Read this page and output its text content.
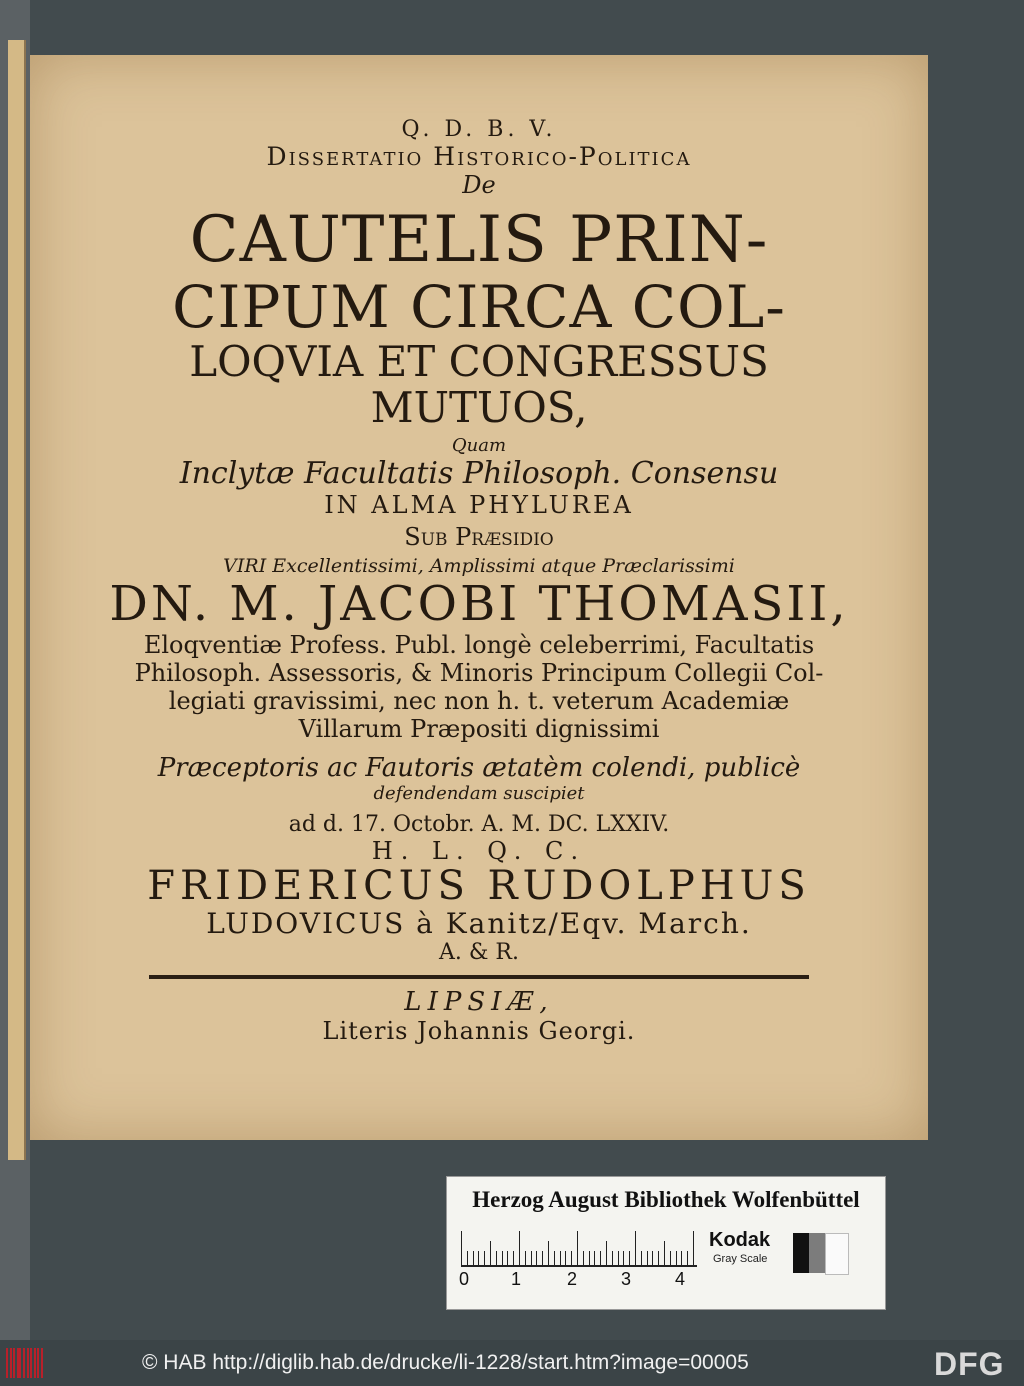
Q. D. B. V.
Dissertatio Historico-Politica
De
CAUTELIS PRIN-
CIPUM CIRCA COL-
LOQVIA ET CONGRESSUS
MUTUOS,
Quam
Inclytæ Facultatis Philosoph. Consensu
IN ALMA PHYLUREA
Sub Præsidio
VIRI Excellentissimi, Amplissimi atque Præclarissimi
DN. M. JACOBI THOMASII,
Eloqventiæ Profess. Publ. longè celeberrimi, Facultatis
Philosoph. Assessoris, & Minoris Principum Collegii Col-
legiati gravissimi, nec non h. t. veterum Academiæ
Villarum Præpositi dignissimi
Præceptoris ac Fautoris ætatèm colendi, publicè
defendendam suscipiet
ad d. 17. Octobr. A. M. DC. LXXIV.
H. L. Q. C.
FRIDERICUS RUDOLPHUS
LUDOVICUS à Kanitz/Eqv. March.
A. & R.
LIPSIÆ,
Literis Johannis Georgi.
Herzog August Bibliothek Wolfenbüttel
0 1	2 3 4
Kodak
Gray Scale
© HAB http://diglib.hab.de/drucke/li-1228/start.htm?image=00005	DFG
